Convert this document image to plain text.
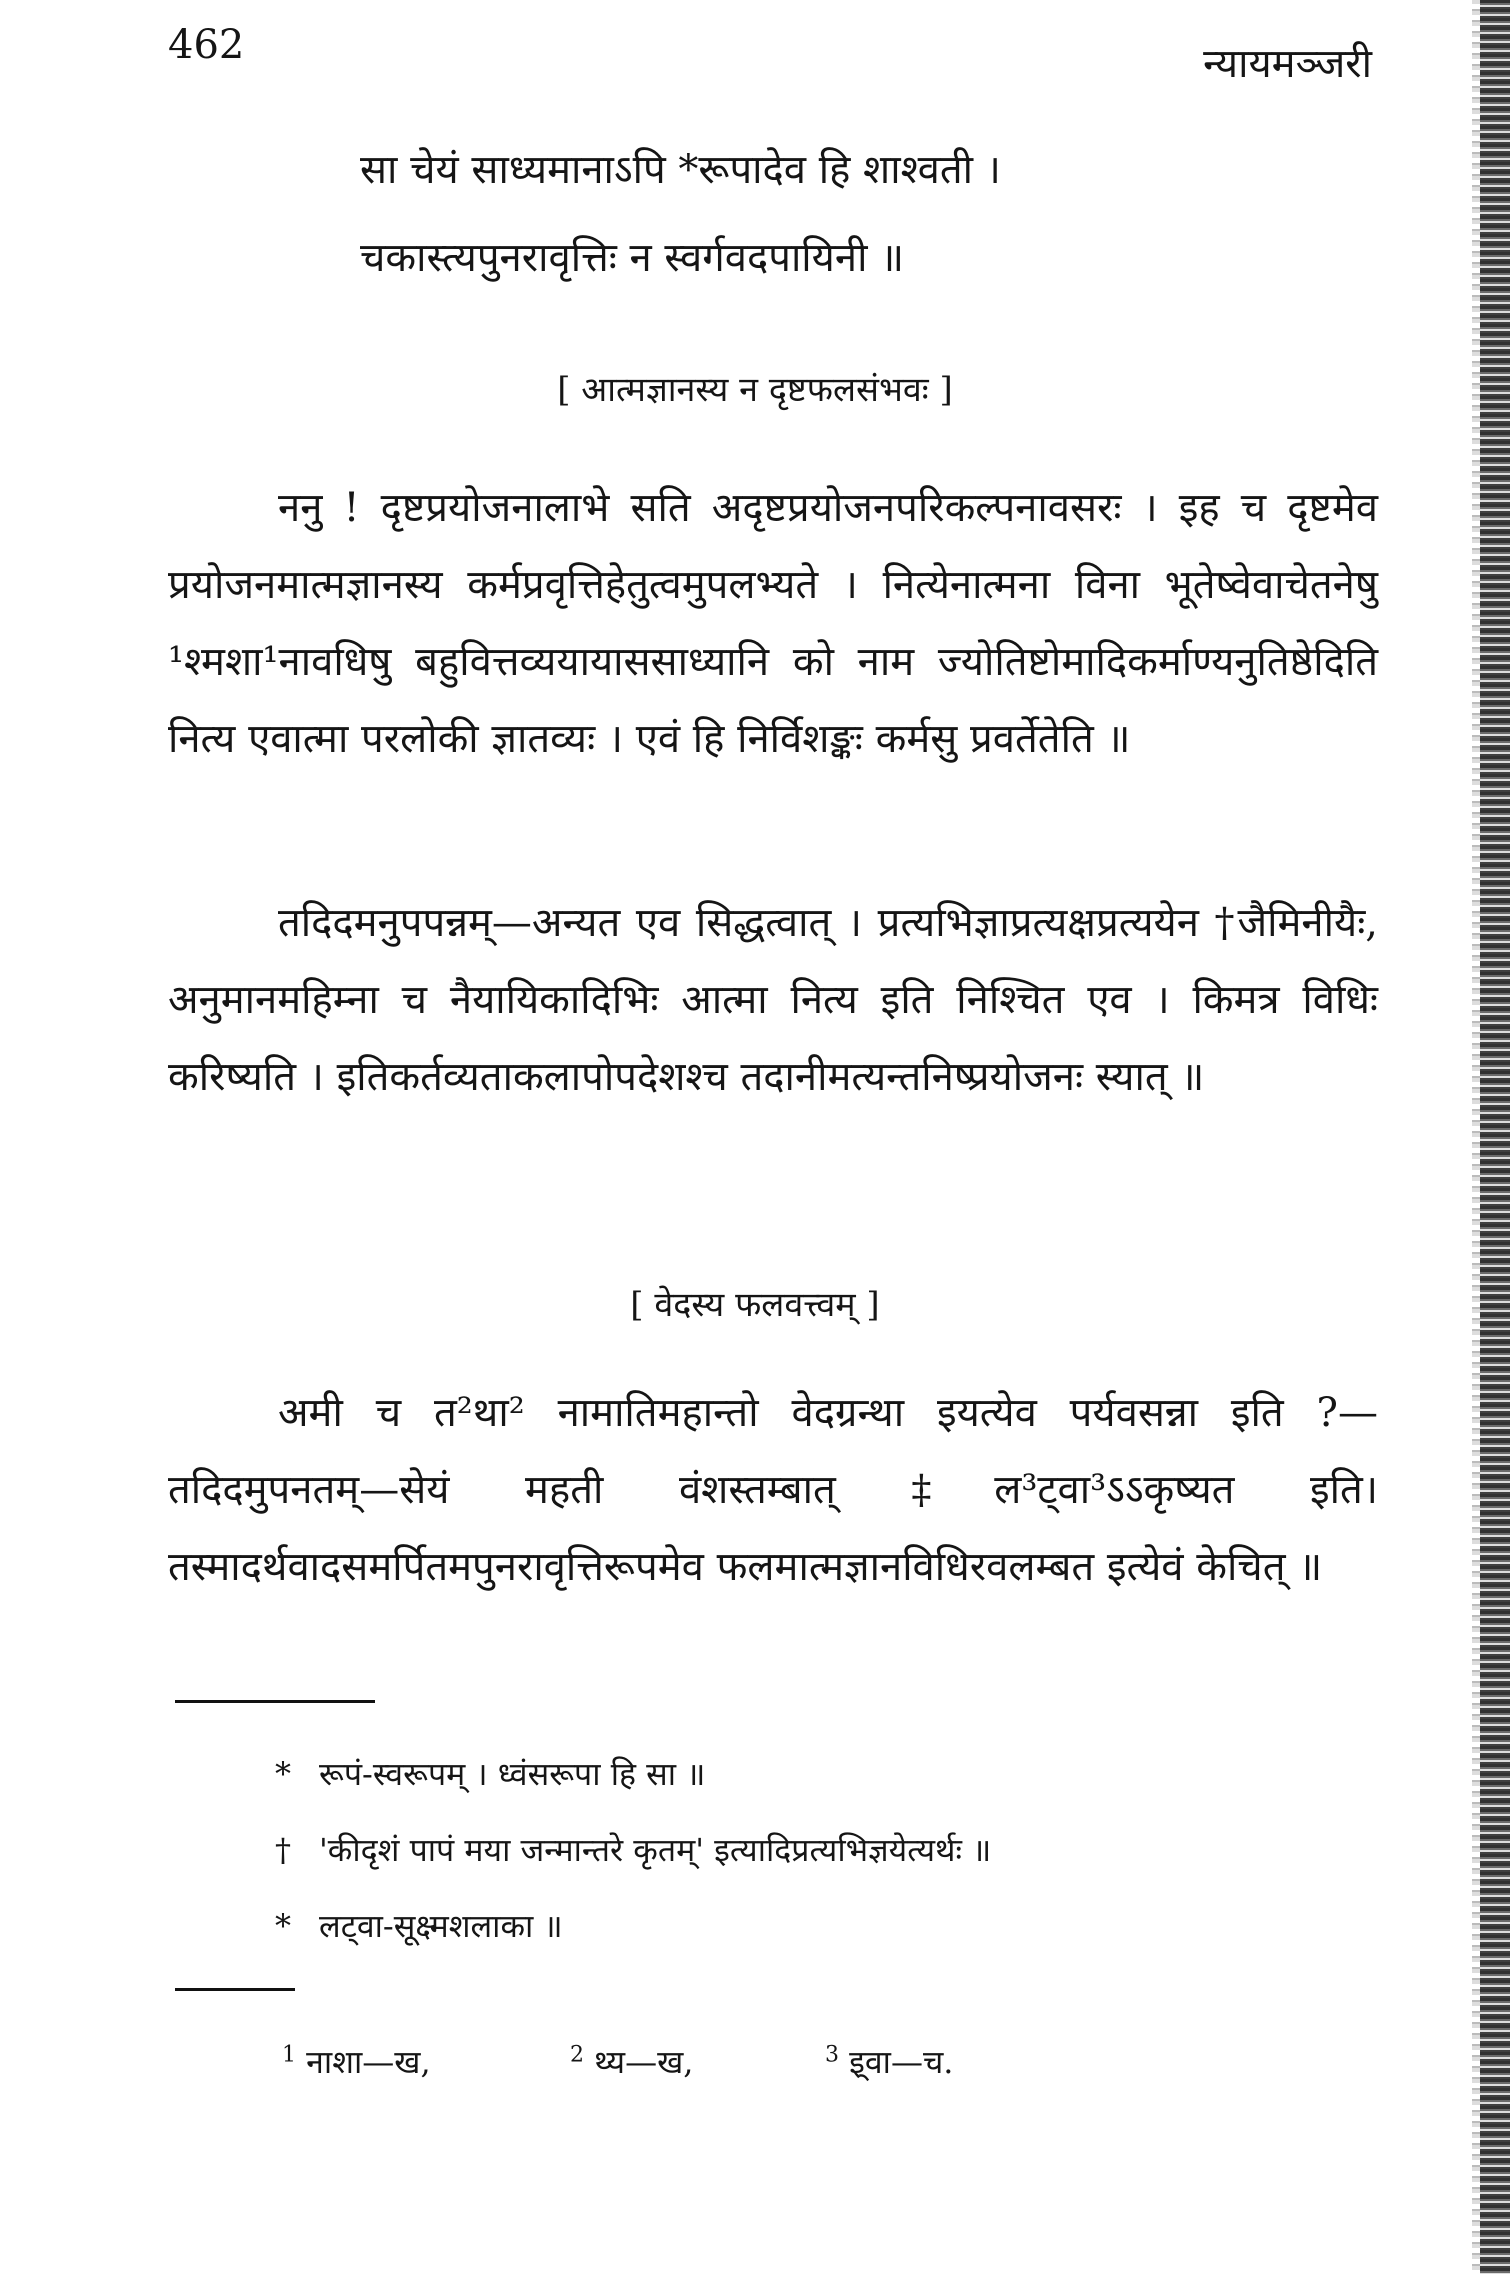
462	न्यायमञ्जरी
सा चेयं साध्यमानाऽपि *रूपादेव हि शाश्वती ।
चकास्त्यपुनरावृत्तिः न स्वर्गवदपायिनी ॥
[ आत्मज्ञानस्य न दृष्टफलसंभवः ]
ननु ! दृष्टप्रयोजनालाभे सति अदृष्टप्रयोजनपरिकल्पनावसरः । इह च दृष्टमेव प्रयोजनमात्मज्ञानस्य कर्मप्रवृत्तिहेतुत्वमुपलभ्यते । नित्येनात्मना विना भूतेष्वेवाचेतनेषु ¹श्मशा¹नावधिषु बहुवित्तव्ययायाससाध्यानि को नाम ज्योतिष्टोमादिकर्माण्यनुतिष्ठेदिति नित्य एवात्मा परलोकी ज्ञातव्यः । एवं हि निर्विशङ्कः कर्मसु प्रवर्तेतेति ॥
तदिदमनुपपन्नम्—अन्यत एव सिद्धत्वात् । प्रत्यभिज्ञाप्रत्यक्षप्रत्ययेन †जैमिनीयैः, अनुमानमहिम्ना च नैयायिकादिभिः आत्मा नित्य इति निश्चित एव । किमत्र विधिः करिष्यति । इतिकर्तव्यताकलापोपदेशश्च तदानीमत्यन्तनिष्प्रयोजनः स्यात् ॥
[ वेदस्य फलवत्त्वम् ]
अमी च त²था² नामातिमहान्तो वेदग्रन्था इयत्येव पर्यवसन्ना इति ?—तदिदमुपनतम्—सेयं महती वंशस्तम्बात् ‡ल³ट्वा³ऽऽकृष्यत इति। तस्मादर्थवादसमर्पितमपुनरावृत्तिरूपमेव फलमात्मज्ञानविधिरवलम्बत इत्येवं केचित् ॥
* रूपं-स्वरूपम् । ध्वंसरूपा हि सा ॥
† 'कीदृशं पापं मया जन्मान्तरे कृतम्' इत्यादिप्रत्यभिज्ञयेत्यर्थः ॥
* लट्वा-सूक्ष्मशलाका ॥
$^1$ नाशा—ख,	$^2$ थ्य—ख,	$^3$ इ्वा—च.
